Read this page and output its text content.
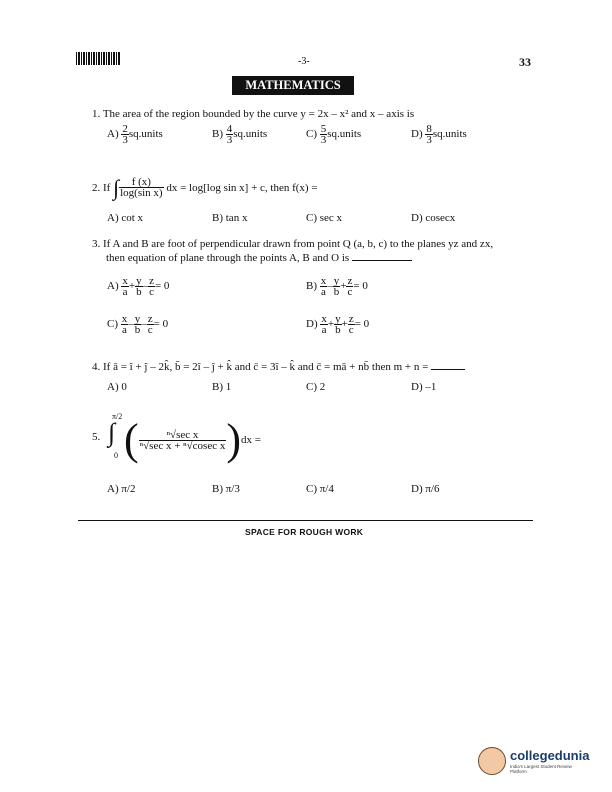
-3-	33
MATHEMATICS
1. The area of the region bounded by the curve y = 2x – x² and x – axis is
$A) \frac{2}{3}$ sq.units	$B) \frac{4}{3}$ sq.units	$C) \frac{5}{3}$ sq.units	$D) \frac{8}{3}$ sq.units
2.
If
∫ $\frac{f (x)}{\text{log(sin x)}}$
dx = log[log sin x] + c, then f(x) =
A) cot x	B) tan x	C) sec x	D) cosecx
3. If A and B are foot of perpendicular drawn from point Q (a, b, c) to the planes yz and zx,
then equation of plane through the points A, B and O is
$A) \frac{x}{a} + \frac{y}{b} - \frac{z}{c} = 0$	$B) \frac{x}{a} - \frac{y}{b} + \frac{z}{c} = 0$
$C) \frac{x}{a} - \frac{y}{b} - \frac{z}{c} = 0$	$D) \frac{x}{a} + \frac{y}{b} + \frac{z}{c} = 0$
4. If ā = î + ĵ – 2k̂, b̄ = 2î – ĵ + k̂ and c̄ = 3î – k̂ and c̄ = mā + nb̄ then m + n =
A) 0	B) 1	C) 2	D) –1
5.
π/2
∫
0 ( $\frac{\text{ⁿ√sec x}}{\text{ⁿ√sec x + ⁿ√cosec x}}$ ) dx =
A) π/2	B) π/3	C) π/4	D) π/6
SPACE FOR ROUGH WORK
collegedunia
India's Largest Student Review Platform
